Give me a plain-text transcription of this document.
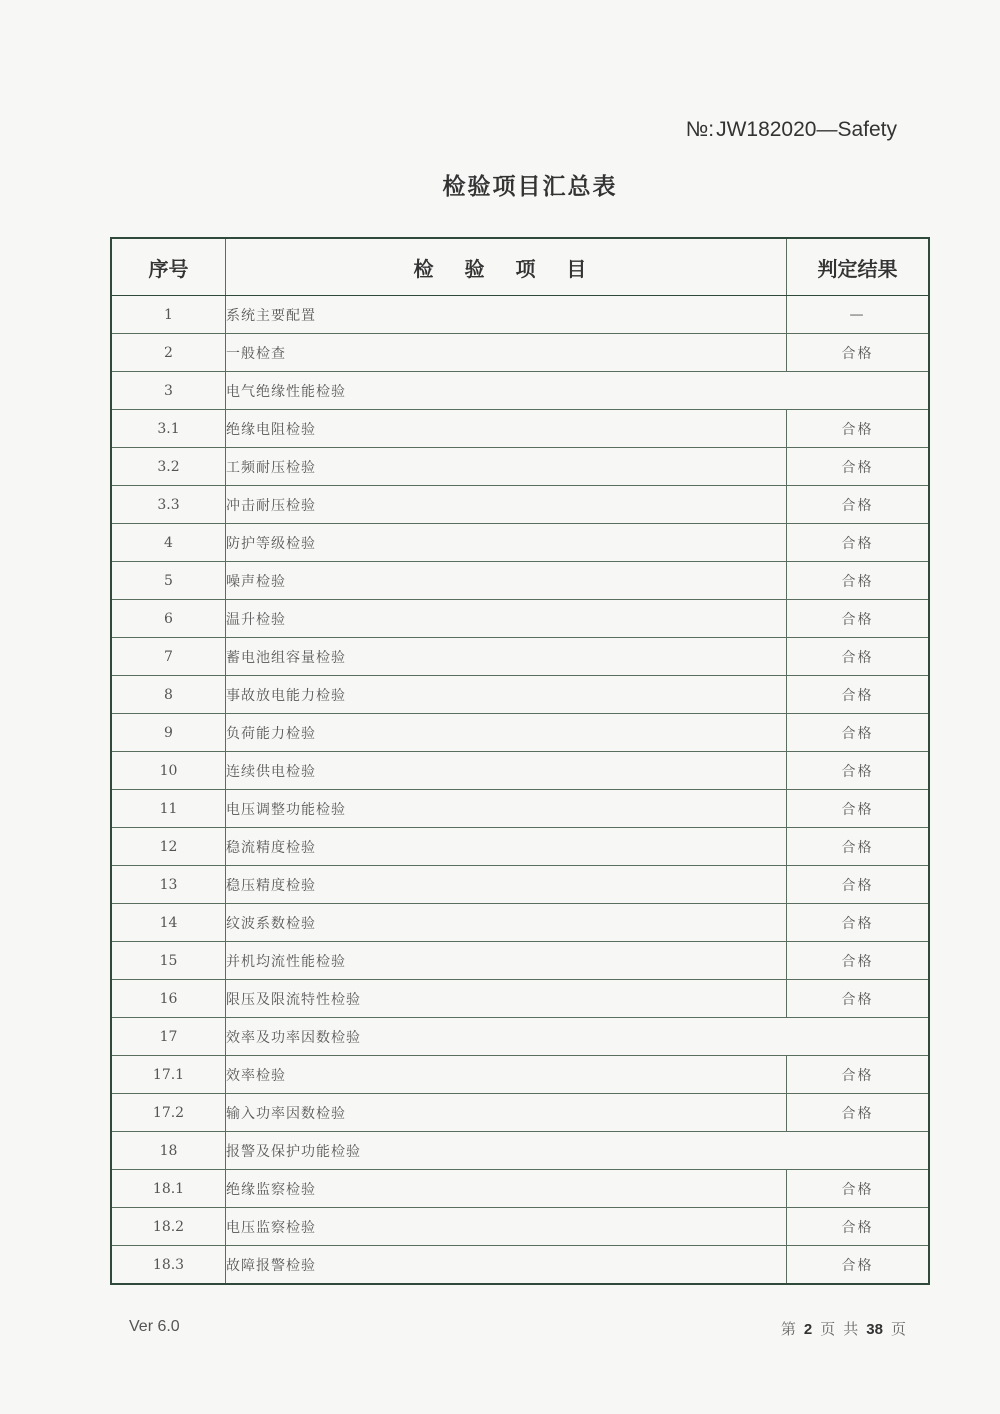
№:JW182020—Safety
检验项目汇总表
序号	检 验 项 目	判定结果
1	系统主要配置	—
2	一般检查	合格
3	电气绝缘性能检验	
3.1	绝缘电阻检验	合格
3.2	工频耐压检验	合格
3.3	冲击耐压检验	合格
4	防护等级检验	合格
5	噪声检验	合格
6	温升检验	合格
7	蓄电池组容量检验	合格
8	事故放电能力检验	合格
9	负荷能力检验	合格
10	连续供电检验	合格
11	电压调整功能检验	合格
12	稳流精度检验	合格
13	稳压精度检验	合格
14	纹波系数检验	合格
15	并机均流性能检验	合格
16	限压及限流特性检验	合格
17	效率及功率因数检验	
17.1	效率检验	合格
17.2	输入功率因数检验	合格
18	报警及保护功能检验	
18.1	绝缘监察检验	合格
18.2	电压监察检验	合格
18.3	故障报警检验	合格
Ver 6.0	第 2 页 共 38 页
